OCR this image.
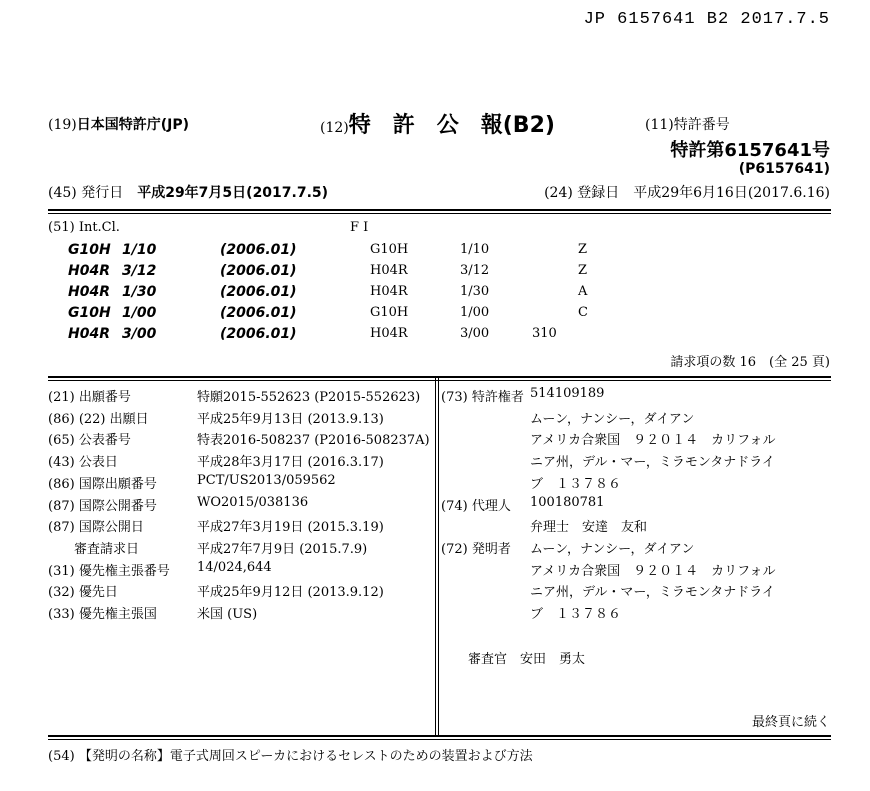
JP 6157641 B2 2017.7.5
(19)日本国特許庁(JP)	(12)特　許　公　報(B2)	(11)特許番号
特許第6157641号
(P6157641)
(45) 発行日　 平成29年7月5日(2017.7.5)	(24) 登録日　 平成29年6月16日(2017.6.16)
(51) Int.Cl.	F I
G10H 1/10	(2006.01)	G10H	1/10	Z
H04R 3/12	(2006.01)	H04R	3/12	Z
H04R 1/30	(2006.01)	H04R	1/30	A
G10H 1/00	(2006.01)	G10H	1/00	C
H04R 3/00	(2006.01)	H04R	3/00	310
請求項の数 16　(全 25 頁)
(21) 出願番号	特願2015-552623 (P2015-552623)
(86) (22) 出願日	平成25年9月13日 (2013.9.13)
(65) 公表番号	特表2016-508237 (P2016-508237A)
(43) 公表日	平成28年3月17日 (2016.3.17)
(86) 国際出願番号	PCT/US2013/059562
(87) 国際公開番号	WO2015/038136
(87) 国際公開日	平成27年3月19日 (2015.3.19)
　　審査請求日	平成27年7月9日 (2015.7.9)
(31) 優先権主張番号 14/024,644
(32) 優先日	平成25年9月12日 (2013.9.12)
(33) 優先権主張国	米国 (US)
(73) 特許権者 514109189
ムーン，ナンシー，ダイアン
アメリカ合衆国　９２０１４　カリフォル
ニア州，デル・マー，ミラモンタナドライ
ブ　１３７８６
(74) 代理人 100180781
弁理士　安達　友和
(72) 発明者 ムーン，ナンシー，ダイアン
アメリカ合衆国　９２０１４　カリフォル
ニア州，デル・マー，ミラモンタナドライ
ブ　１３７８６
審査官　安田　勇太
最終頁に続く
(54) 【発明の名称】電子式周回スピーカにおけるセレストのための装置および方法
